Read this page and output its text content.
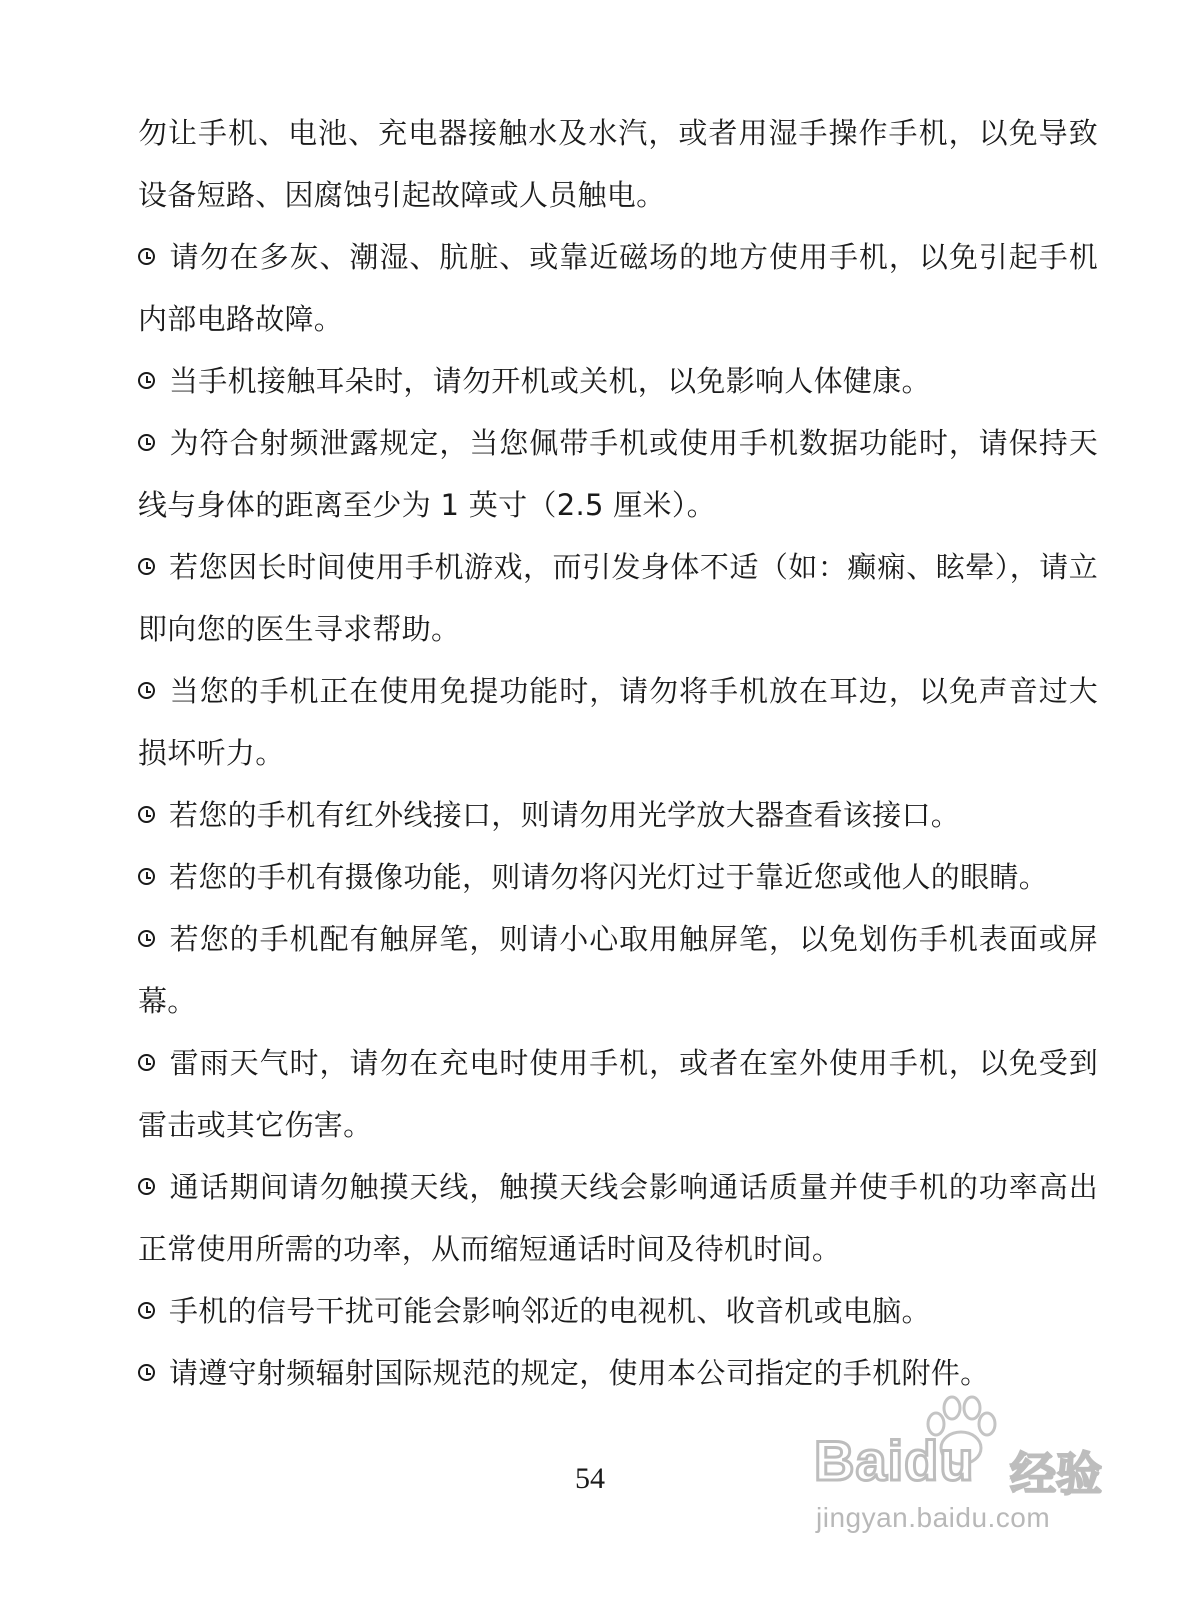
勿让手机、电池、充电器接触水及水汽，或者用湿手操作手机，以免导致设备短路、因腐蚀引起故障或人员触电。

请勿在多灰、潮湿、肮脏、或靠近磁场的地方使用手机，以免引起手机内部电路故障。

当手机接触耳朵时，请勿开机或关机，以免影响人体健康。

为符合射频泄露规定，当您佩带手机或使用手机数据功能时，请保持天线与身体的距离至少为 1 英寸（2.5 厘米）。

若您因长时间使用手机游戏，而引发身体不适（如：癫痫、眩晕），请立即向您的医生寻求帮助。

当您的手机正在使用免提功能时，请勿将手机放在耳边，以免声音过大损坏听力。

若您的手机有红外线接口，则请勿用光学放大器查看该接口。

若您的手机有摄像功能，则请勿将闪光灯过于靠近您或他人的眼睛。

若您的手机配有触屏笔，则请小心取用触屏笔，以免划伤手机表面或屏幕。

雷雨天气时，请勿在充电时使用手机，或者在室外使用手机，以免受到雷击或其它伤害。

通话期间请勿触摸天线，触摸天线会影响通话质量并使手机的功率高出正常使用所需的功率，从而缩短通话时间及待机时间。

手机的信号干扰可能会影响邻近的电视机、收音机或电脑。

请遵守射频辐射国际规范的规定，使用本公司指定的手机附件。

54	Baidu 经验
jingyan.baidu.com
